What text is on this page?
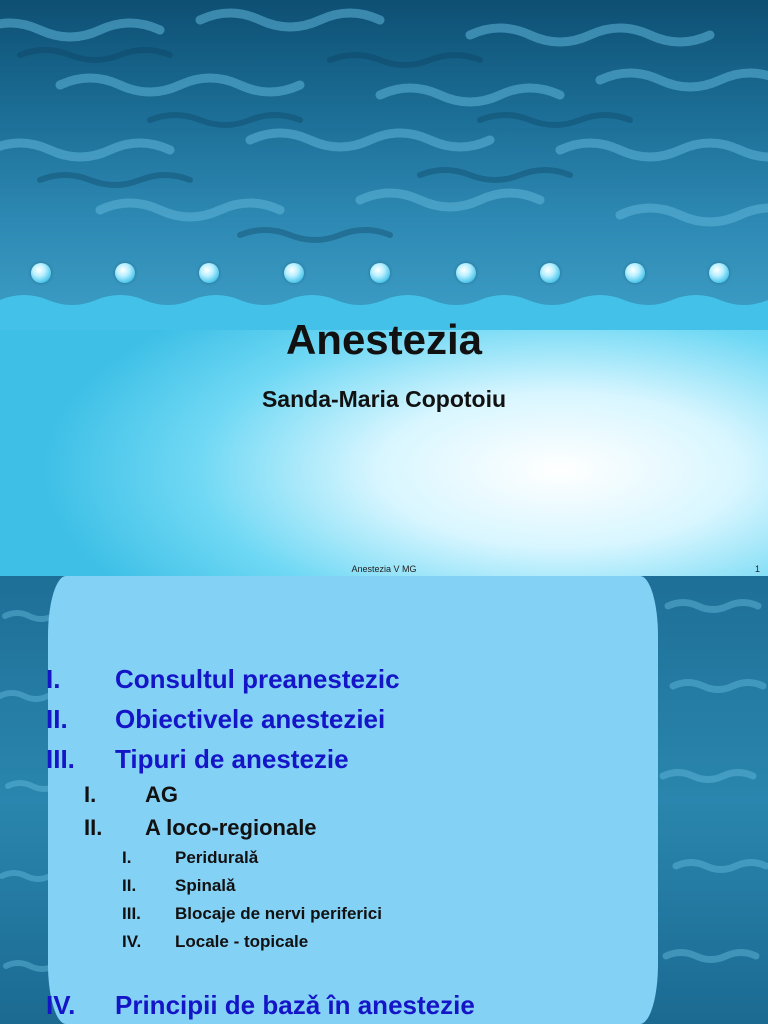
Anestezia
Sanda-Maria Copotoiu
Anestezia V MG	1
I. Consultul preanestezic
II. Obiectivele anesteziei
III. Tipuri de anestezie
I. AG
II. A loco-regionale
I.	Periduralǎ
II. Spinalǎ
III. Blocaje de nervi periferici
IV. Locale - topicale
IV. Principii de bazǎ în anestezie
